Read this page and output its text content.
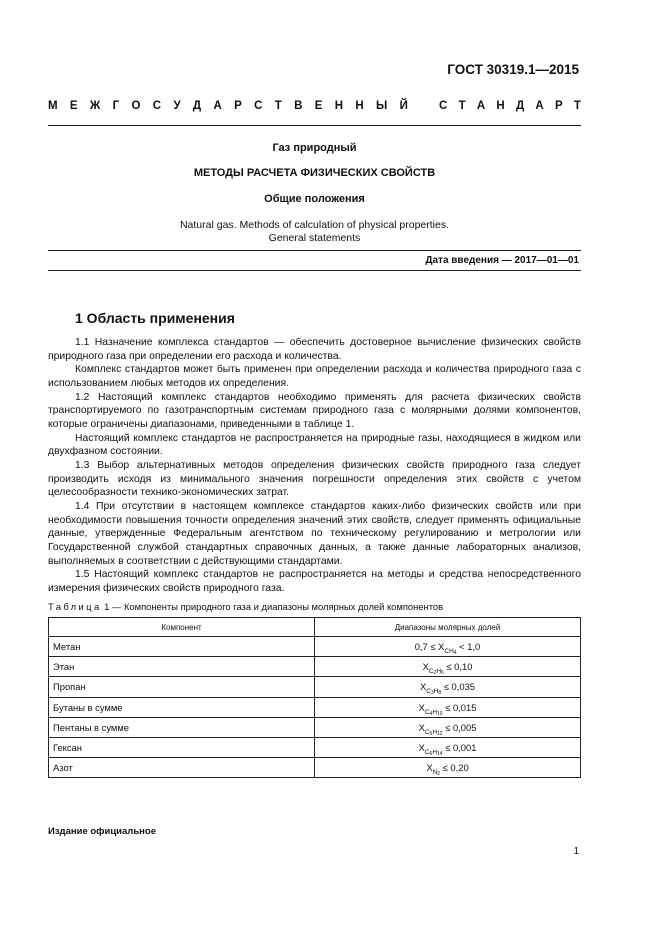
ГОСТ 30319.1—2015
М Е Ж Г О С У Д А Р С Т В Е Н Н Ы Й	С Т А Н Д А Р Т
Газ природный
МЕТОДЫ РАСЧЕТА ФИЗИЧЕСКИХ СВОЙСТВ
Общие положения
Natural gas. Methods of calculation of physical properties.
General statements
Дата введения — 2017—01—01
1 Область применения

1.1 Назначение комплекса стандартов — обеспечить достоверное вычисление физических свойств природного газа при определении его расхода и количества.

Комплекс стандартов может быть применен при определении расхода и количества природного газа с использованием любых методов их определения.

1.2 Настоящий комплекс стандартов необходимо применять для расчета физических свойств транспортируемого по газотранспортным системам природного газа с молярными долями компонентов, которые ограничены диапазонами, приведенными в таблице 1.

Настоящий комплекс стандартов не распространяется на природные газы, находящиеся в жидком или двухфазном состоянии.

1.3 Выбор альтернативных методов определения физических свойств природного газа следует производить исходя из минимального значения погрешности определения этих свойств с учетом целесообразности технико-экономических затрат.

1.4 При отсутствии в настоящем комплексе стандартов каких-либо физических свойств или при необходимости повышения точности определения значений этих свойств, следует применять официальные данные, утвержденные Федеральным агентством по техническому регулированию и метрологии или Государственной службой стандартных справочных данных, а также данные лабораторных анализов, выполняемых в соответствии с действующими стандартами.

1.5 Настоящий комплекс стандартов не распространяется на методы и средства непосредственного измерения физических свойств природного газа.

Таблица 1 — Компоненты природного газа и диапазоны молярных долей компонентов
Компонент	Диапазоны молярных долей
Метан	$0,7 \le X_{CH4} < 1,0$
Этан	$X_{C2H6} \le 0,10$
Пропан	$X_{C3H8} \le 0,035$
Бутаны в сумме	$X_{C4H10} \le 0,015$
Пентаны в сумме	$X_{C5H12} \le 0,005$
Гексан	$X_{C6H14} \le 0,001$
Азот	$X_{N2} \le 0,20$
Издание официальное
1
